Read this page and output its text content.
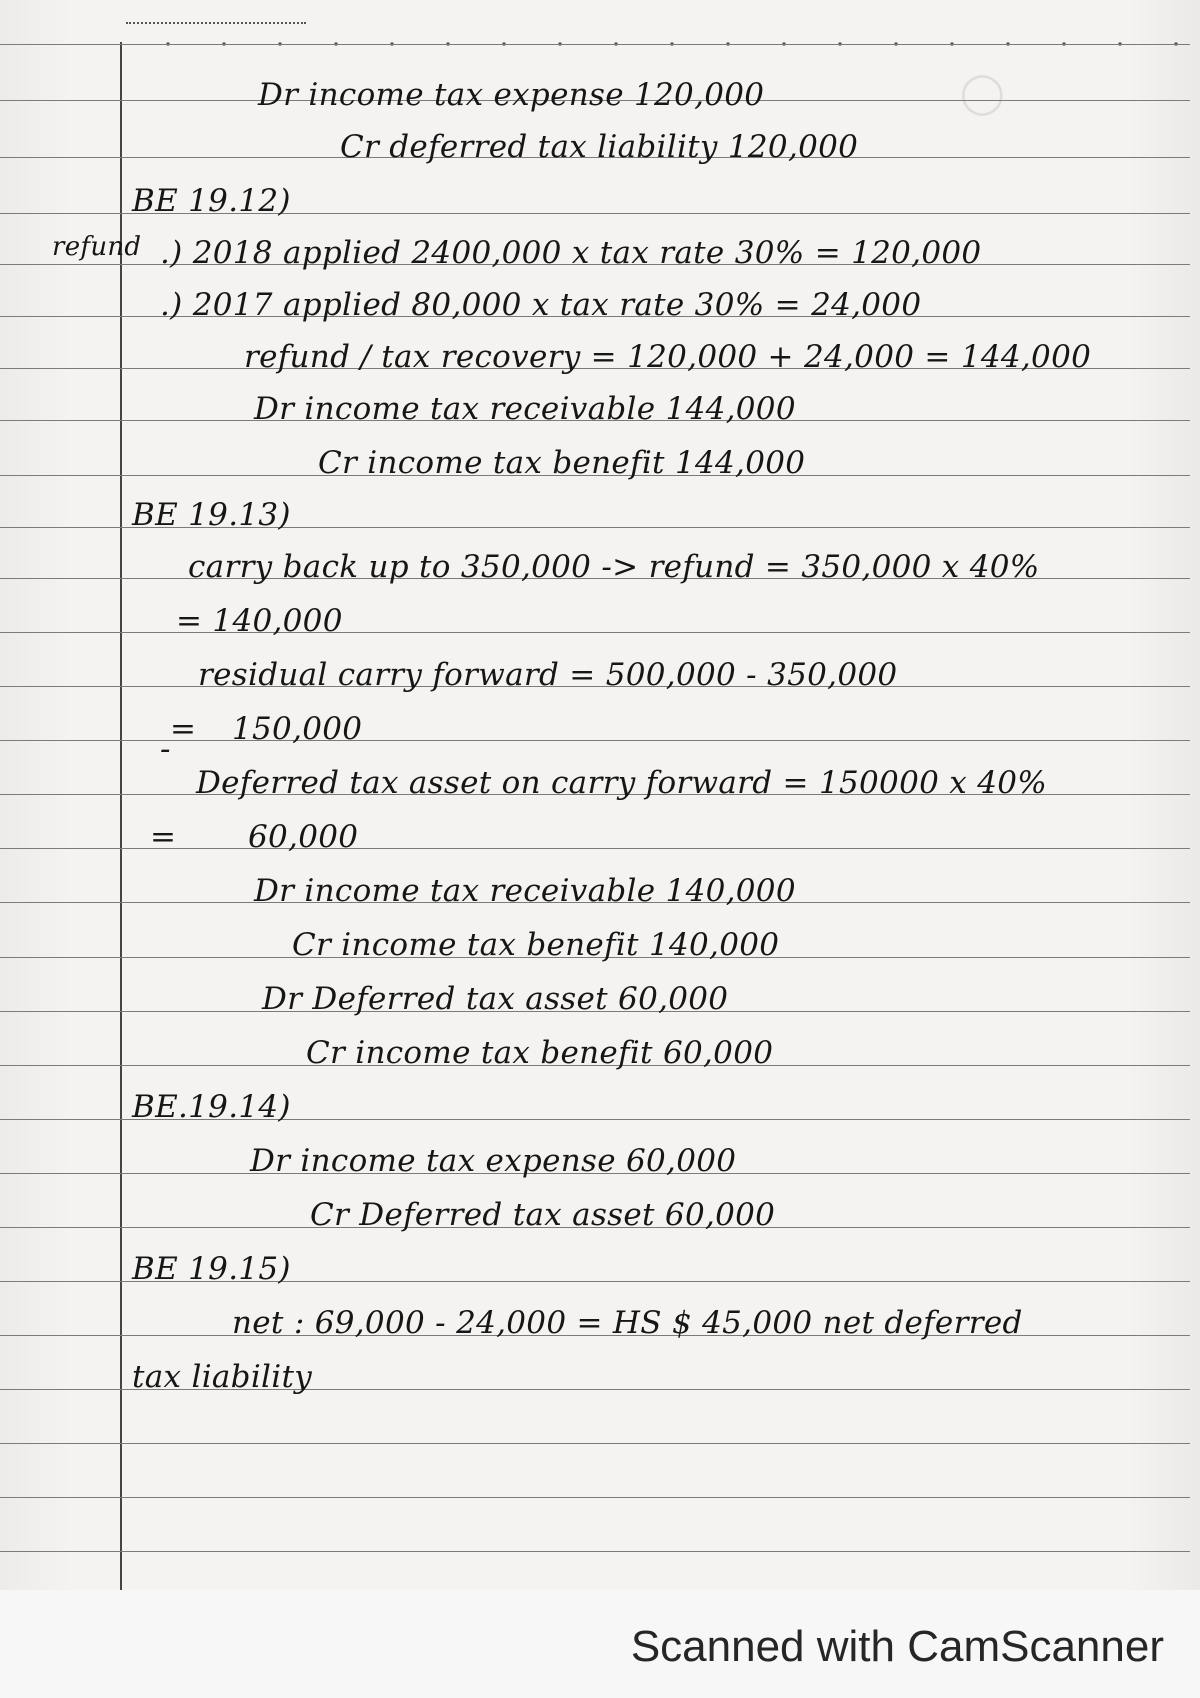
◯
refund
Dr income tax expense 120,000
Cr deferred tax liability 120,000
BE 19.12)
.) 2018 applied 2400,000 x tax rate 30% = 120,000
.) 2017 applied 80,000 x tax rate 30% = 24,000
refund / tax recovery = 120,000 + 24,000 = 144,000
Dr income tax receivable 144,000
Cr income tax benefit 144,000
BE 19.13)
carry back up to 350,000 -> refund = 350,000 x 40%
= 140,000
residual carry forward = 500,000 - 350,000
150,000
Deferred tax asset on carry forward = 150000 x 40%
60,000
Dr income tax receivable 140,000
Cr income tax benefit 140,000
Dr Deferred tax asset 60,000
Cr income tax benefit 60,000
BE.19.14)
Dr income tax expense 60,000
Cr Deferred tax asset 60,000
BE 19.15)
net : 69,000 - 24,000 = HS $ 45,000 net deferred
tax liability
=
-
=
Scanned with CamScanner
